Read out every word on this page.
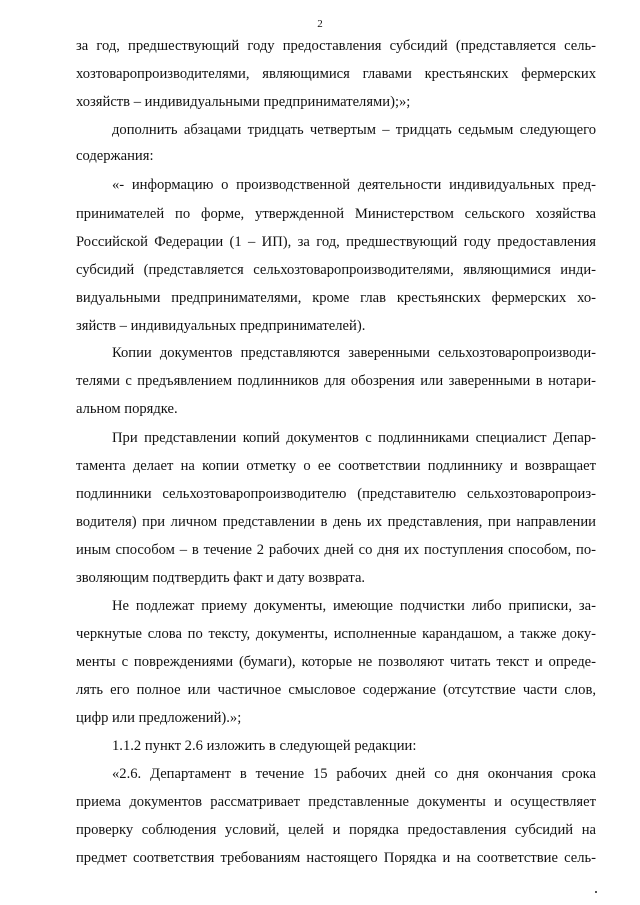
2
за год, предшествующий году предоставления субсидий (представляется сель-
хозтоваропроизводителями, являющимися главами крестьянских фермерских
хозяйств – индивидуальными предпринимателями);»;
дополнить абзацами тридцать четвертым – тридцать седьмым следующего
содержания:
«- информацию о производственной деятельности индивидуальных пред-
принимателей по форме, утвержденной Министерством сельского хозяйства
Российской Федерации (1 – ИП), за год, предшествующий году предоставления
субсидий (представляется сельхозтоваропроизводителями, являющимися инди-
видуальными предпринимателями, кроме глав крестьянских фермерских хо-
зяйств – индивидуальных предпринимателей).
Копии документов представляются заверенными сельхозтоваропроизводи-
телями с предъявлением подлинников для обозрения или заверенными в нотари-
альном порядке.
При представлении копий документов с подлинниками специалист Депар-
тамента делает на копии отметку о ее соответствии подлиннику и возвращает
подлинники сельхозтоваропроизводителю (представителю сельхозтоваропроиз-
водителя) при личном представлении в день их представления, при направлении
иным способом – в течение 2 рабочих дней со дня их поступления способом, по-
зволяющим подтвердить факт и дату возврата.
Не подлежат приему документы, имеющие подчистки либо приписки, за-
черкнутые слова по тексту, документы, исполненные карандашом, а также доку-
менты с повреждениями (бумаги), которые не позволяют читать текст и опреде-
лять его полное или частичное смысловое содержание (отсутствие части слов,
цифр или предложений).»;
1.1.2 пункт 2.6 изложить в следующей редакции:
«2.6. Департамент в течение 15 рабочих дней со дня окончания срока
приема документов рассматривает представленные документы и осуществляет
проверку соблюдения условий, целей и порядка предоставления субсидий на
предмет соответствия требованиям настоящего Порядка и на соответствие сель-
